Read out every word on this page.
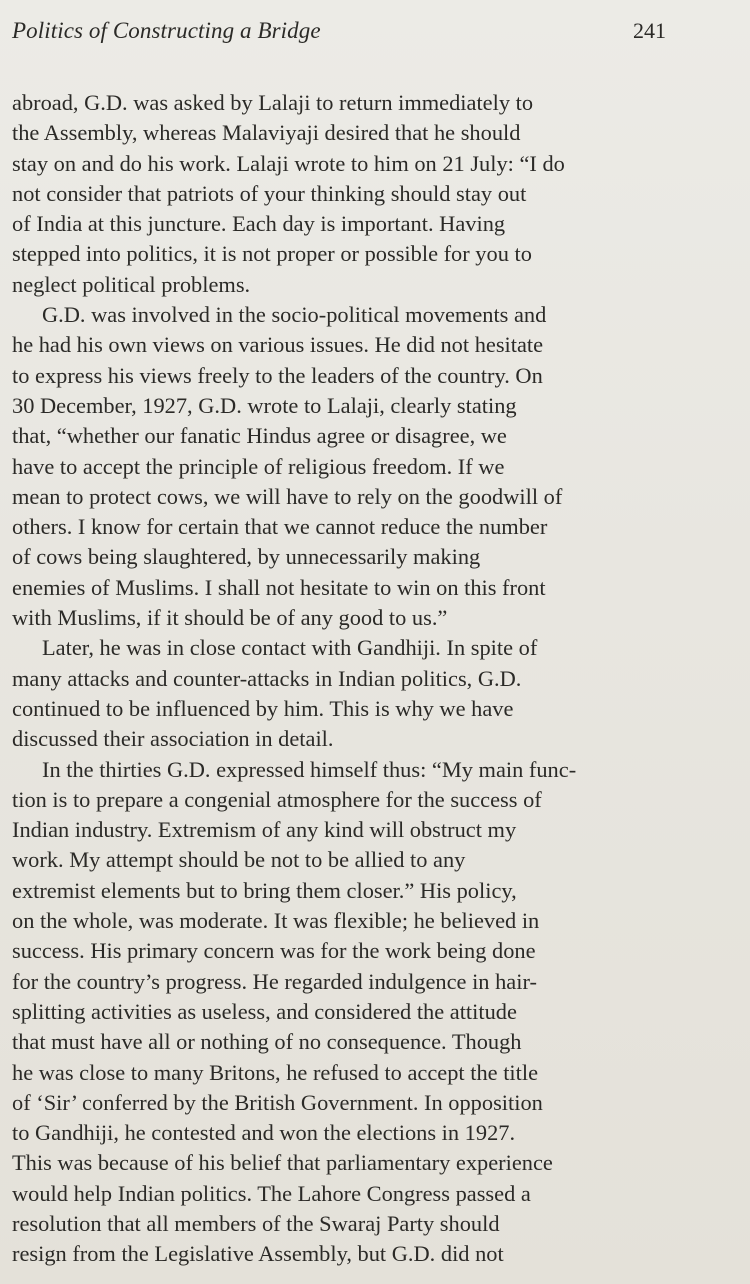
Politics of Constructing a Bridge	241
abroad, G.D. was asked by Lalaji to return immediately to
the Assembly, whereas Malaviyaji desired that he should
stay on and do his work. Lalaji wrote to him on 21 July: “I do
not consider that patriots of your thinking should stay out
of India at this juncture. Each day is important. Having
stepped into politics, it is not proper or possible for you to
neglect political problems.
G.D. was involved in the socio-political movements and
he had his own views on various issues. He did not hesitate
to express his views freely to the leaders of the country. On
30 December, 1927, G.D. wrote to Lalaji, clearly stating
that, “whether our fanatic Hindus agree or disagree, we
have to accept the principle of religious freedom. If we
mean to protect cows, we will have to rely on the goodwill of
others. I know for certain that we cannot reduce the number
of cows being slaughtered, by unnecessarily making
enemies of Muslims. I shall not hesitate to win on this front
with Muslims, if it should be of any good to us.”
Later, he was in close contact with Gandhiji. In spite of
many attacks and counter-attacks in Indian politics, G.D.
continued to be influenced by him. This is why we have
discussed their association in detail.
In the thirties G.D. expressed himself thus: “My main func-
tion is to prepare a congenial atmosphere for the success of
Indian industry. Extremism of any kind will obstruct my
work. My attempt should be not to be allied to any
extremist elements but to bring them closer.” His policy,
on the whole, was moderate. It was flexible; he believed in
success. His primary concern was for the work being done
for the country’s progress. He regarded indulgence in hair-
splitting activities as useless, and considered the attitude
that must have all or nothing of no consequence. Though
he was close to many Britons, he refused to accept the title
of ‘Sir’ conferred by the British Government. In opposition
to Gandhiji, he contested and won the elections in 1927.
This was because of his belief that parliamentary experience
would help Indian politics. The Lahore Congress passed a
resolution that all members of the Swaraj Party should
resign from the Legislative Assembly, but G.D. did not
